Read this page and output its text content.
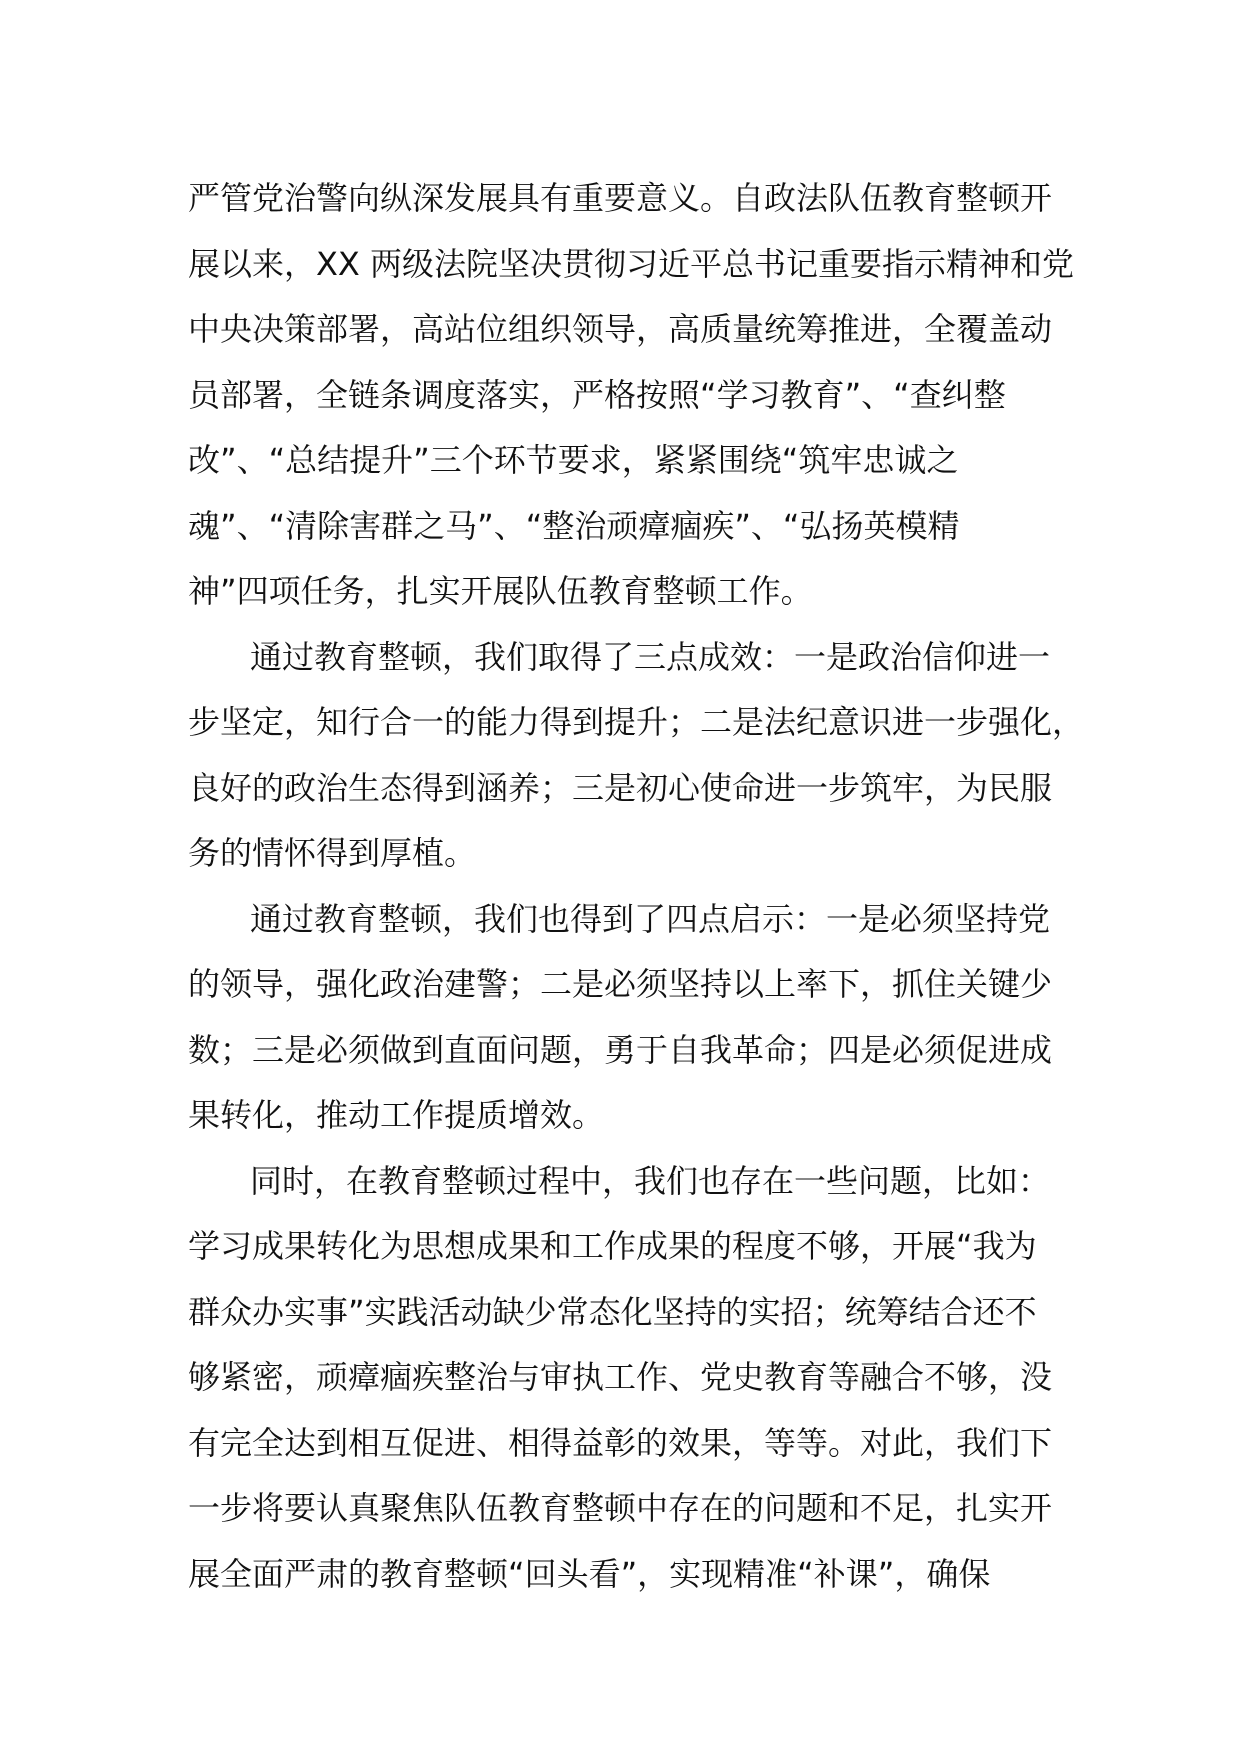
严管党治警向纵深发展具有重要意义。自政法队伍教育整顿开
展以来，XX 两级法院坚决贯彻习近平总书记重要指示精神和党
中央决策部署，高站位组织领导，高质量统筹推进，全覆盖动
员部署，全链条调度落实，严格按照“学习教育”、“查纠整
改”、“总结提升”三个环节要求，紧紧围绕“筑牢忠诚之
魂”、“清除害群之马”、“整治顽瘴痼疾”、“弘扬英模精
神”四项任务，扎实开展队伍教育整顿工作。
通过教育整顿，我们取得了三点成效：一是政治信仰进一
步坚定，知行合一的能力得到提升；二是法纪意识进一步强化，
良好的政治生态得到涵养；三是初心使命进一步筑牢，为民服
务的情怀得到厚植。
通过教育整顿，我们也得到了四点启示：一是必须坚持党
的领导，强化政治建警；二是必须坚持以上率下，抓住关键少
数；三是必须做到直面问题，勇于自我革命；四是必须促进成
果转化，推动工作提质增效。
同时，在教育整顿过程中，我们也存在一些问题，比如：
学习成果转化为思想成果和工作成果的程度不够，开展“我为
群众办实事”实践活动缺少常态化坚持的实招；统筹结合还不
够紧密，顽瘴痼疾整治与审执工作、党史教育等融合不够，没
有完全达到相互促进、相得益彰的效果，等等。对此，我们下
一步将要认真聚焦队伍教育整顿中存在的问题和不足，扎实开
展全面严肃的教育整顿“回头看”，实现精准“补课”，确保
